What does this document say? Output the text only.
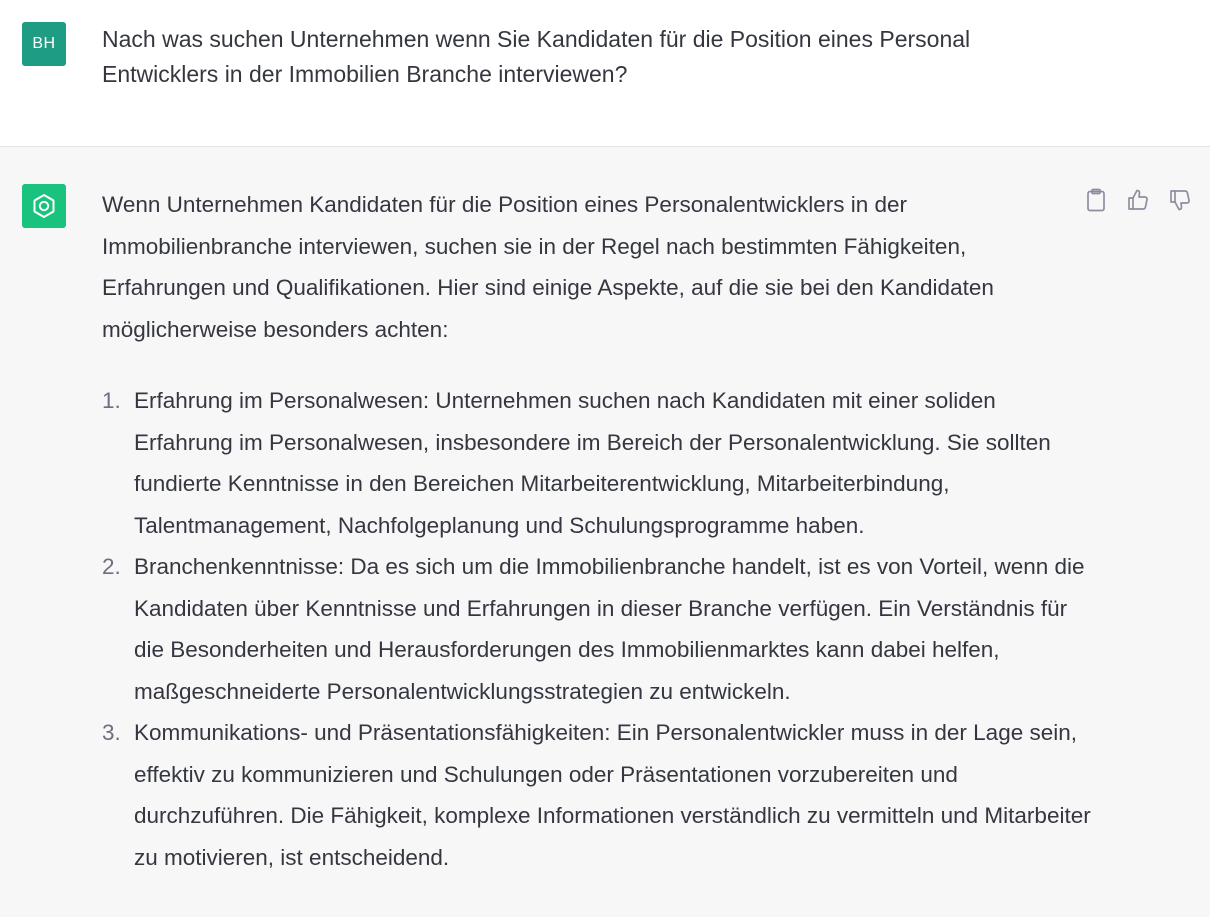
BH	Nach was suchen Unternehmen wenn Sie Kandidaten für die Position eines Personal Entwicklers in der Immobilien Branche interviewen?

Wenn Unternehmen Kandidaten für die Position eines Personalentwicklers in der Immobilienbranche interviewen, suchen sie in der Regel nach bestimmten Fähigkeiten, Erfahrungen und Qualifikationen. Hier sind einige Aspekte, auf die sie bei den Kandidaten möglicherweise besonders achten:

1. Erfahrung im Personalwesen: Unternehmen suchen nach Kandidaten mit einer soliden Erfahrung im Personalwesen, insbesondere im Bereich der Personalentwicklung. Sie sollten fundierte Kenntnisse in den Bereichen Mitarbeiterentwicklung, Mitarbeiterbindung, Talentmanagement, Nachfolgeplanung und Schulungsprogramme haben.
2. Branchenkenntnisse: Da es sich um die Immobilienbranche handelt, ist es von Vorteil, wenn die Kandidaten über Kenntnisse und Erfahrungen in dieser Branche verfügen. Ein Verständnis für die Besonderheiten und Herausforderungen des Immobilienmarktes kann dabei helfen, maßgeschneiderte Personalentwicklungsstrategien zu entwickeln.
3. Kommunikations- und Präsentationsfähigkeiten: Ein Personalentwickler muss in der Lage sein, effektiv zu kommunizieren und Schulungen oder Präsentationen vorzubereiten und durchzuführen. Die Fähigkeit, komplexe Informationen verständlich zu vermitteln und Mitarbeiter zu motivieren, ist entscheidend.
